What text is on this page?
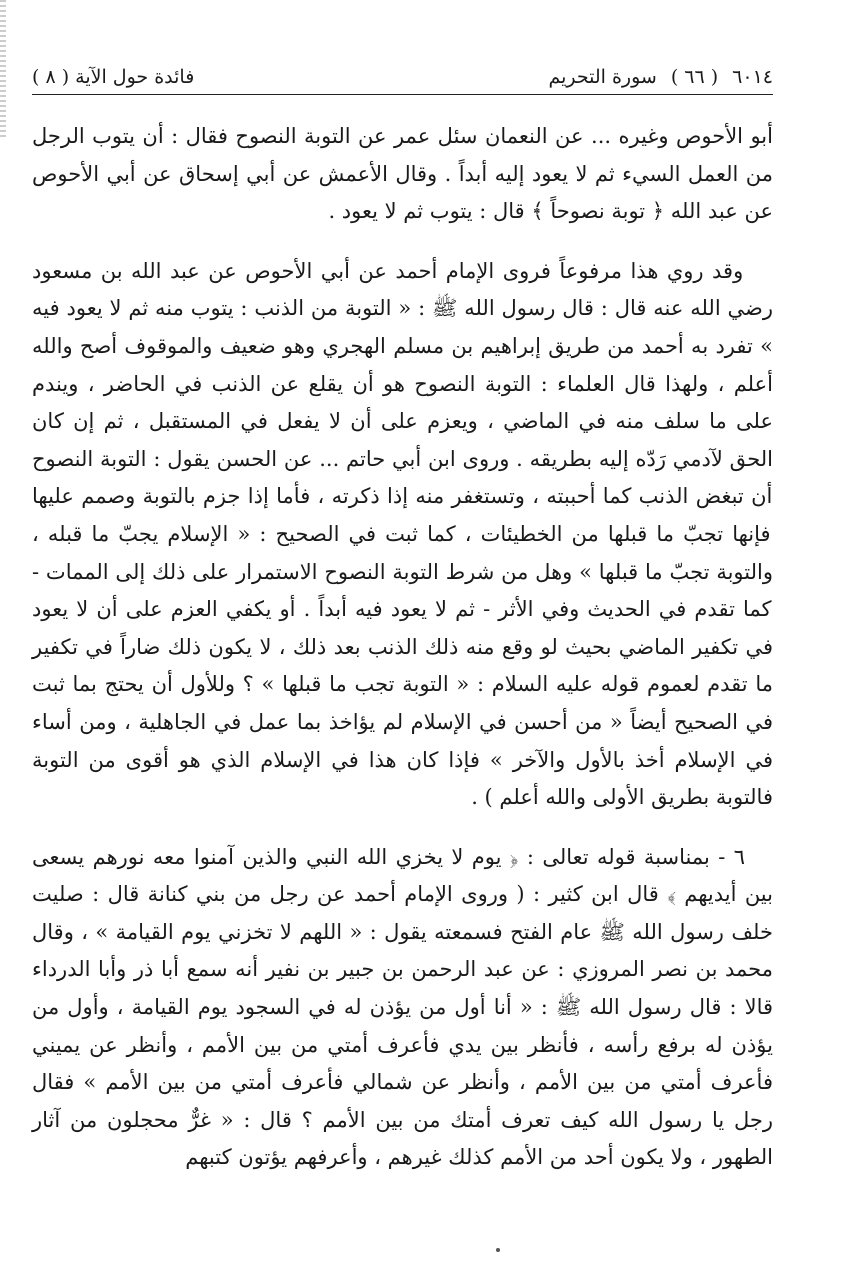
٦٠١٤
( ٦٦ )
سورة التحريم
فائدة حول الآية ( ٨ )

أبو الأحوص وغيره ... عن النعمان سئل عمر عن التوبة النصوح فقال : أن يتوب الرجل من العمل السيء ثم لا يعود إليه أبداً . وقال الأعمش عن أبي إسحاق عن أبي الأحوص عن عبد الله ﴿ توبة نصوحاً ﴾ قال : يتوب ثم لا يعود .

وقد روي هذا مرفوعاً فروى الإمام أحمد عن أبي الأحوص عن عبد الله بن مسعود رضي الله عنه قال : قال رسول الله ﷺ : « التوبة من الذنب : يتوب منه ثم لا يعود فيه » تفرد به أحمد من طريق إبراهيم بن مسلم الهجري وهو ضعيف والموقوف أصح والله أعلم ، ولهذا قال العلماء : التوبة النصوح هو أن يقلع عن الذنب في الحاضر ، ويندم على ما سلف منه في الماضي ، ويعزم على أن لا يفعل في المستقبل ، ثم إن كان الحق لآدمي رَدّه إليه بطريقه . وروى ابن أبي حاتم ... عن الحسن يقول : التوبة النصوح أن تبغض الذنب كما أحببته ، وتستغفر منه إذا ذكرته ، فأما إذا جزم بالتوبة وصمم عليها فإنها تجبّ ما قبلها من الخطيئات ، كما ثبت في الصحيح : « الإسلام يجبّ ما قبله ، والتوبة تجبّ ما قبلها » وهل من شرط التوبة النصوح الاستمرار على ذلك إلى الممات - كما تقدم في الحديث وفي الأثر - ثم لا يعود فيه أبداً . أو يكفي العزم على أن لا يعود في تكفير الماضي بحيث لو وقع منه ذلك الذنب بعد ذلك ، لا يكون ذلك ضاراً في تكفير ما تقدم لعموم قوله عليه السلام : « التوبة تجب ما قبلها » ؟ وللأول أن يحتج بما ثبت في الصحيح أيضاً « من أحسن في الإسلام لم يؤاخذ بما عمل في الجاهلية ، ومن أساء في الإسلام أخذ بالأول والآخر » فإذا كان هذا في الإسلام الذي هو أقوى من التوبة فالتوبة بطريق الأولى والله أعلم ) .

٦ - بمناسبة قوله تعالى : ﴿ يوم لا يخزي الله النبي والذين آمنوا معه نورهم يسعى بين أيديهم ﴾ قال ابن كثير : ( وروى الإمام أحمد عن رجل من بني كنانة قال : صليت خلف رسول الله ﷺ عام الفتح فسمعته يقول : « اللهم لا تخزني يوم القيامة » ، وقال محمد بن نصر المروزي : عن عبد الرحمن بن جبير بن نفير أنه سمع أبا ذر وأبا الدرداء قالا : قال رسول الله ﷺ : « أنا أول من يؤذن له في السجود يوم القيامة ، وأول من يؤذن له برفع رأسه ، فأنظر بين يدي فأعرف أمتي من بين الأمم ، وأنظر عن يميني فأعرف أمتي من بين الأمم ، وأنظر عن شمالي فأعرف أمتي من بين الأمم » فقال رجل يا رسول الله كيف تعرف أمتك من بين الأمم ؟ قال : « غرٌّ محجلون من آثار الطهور ، ولا يكون أحد من الأمم كذلك غيرهم ، وأعرفهم يؤتون كتبهم
